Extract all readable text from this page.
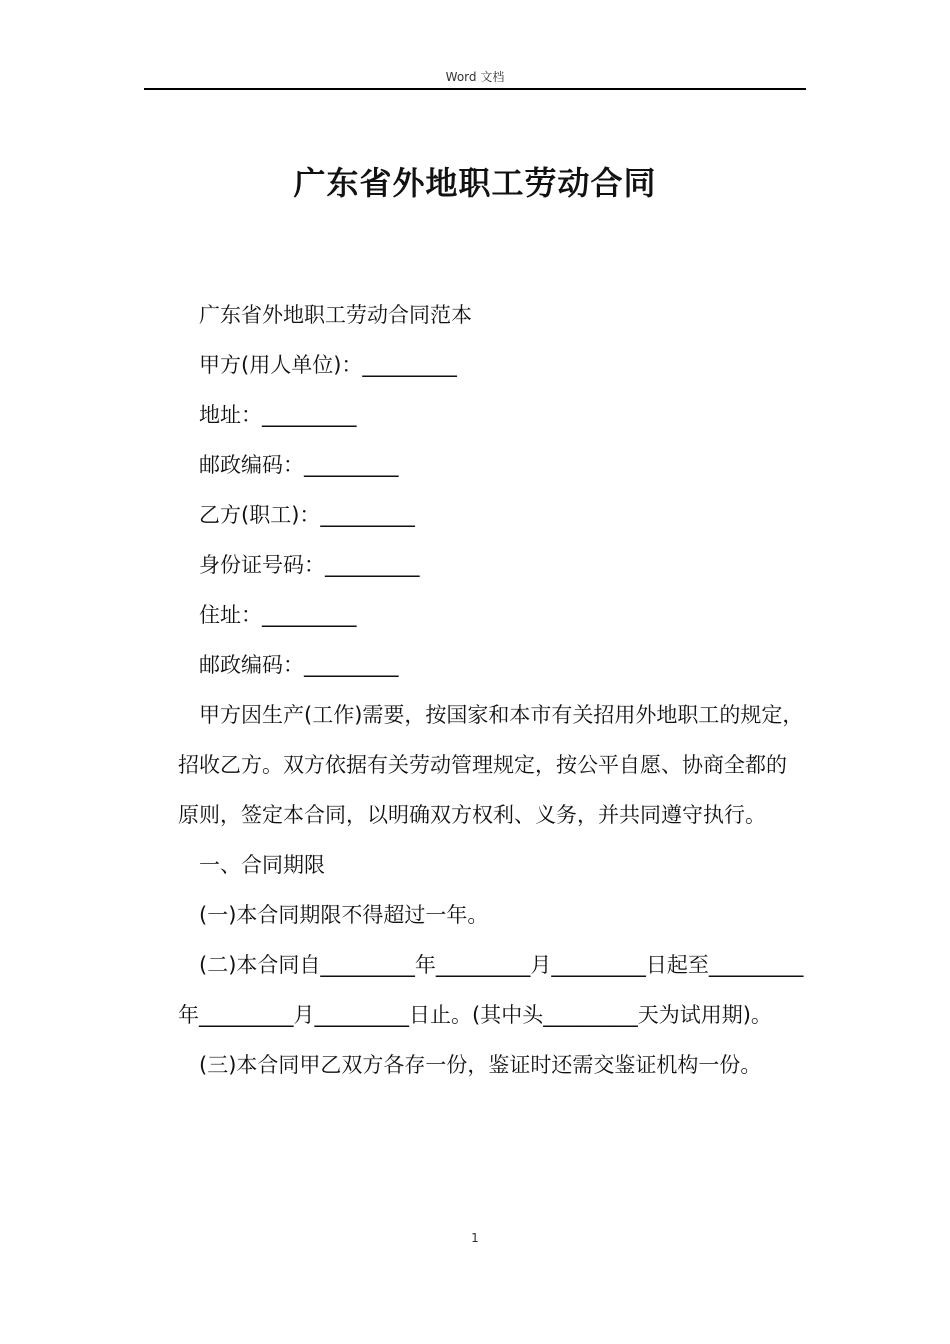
Word 文档
广东省外地职工劳动合同

广东省外地职工劳动合同范本

甲方(用人单位)：_________

地址：_________

邮政编码：_________

乙方(职工)：_________

身份证号码：_________

住址：_________

邮政编码：_________

甲方因生产(工作)需要，按国家和本市有关招用外地职工的规定，招收乙方。双方依据有关劳动管理规定，按公平自愿、协商全都的原则，签定本合同，以明确双方权利、义务，并共同遵守执行。

一、合同期限

(一)本合同期限不得超过一年。

(二)本合同自_________年_________月_________日起至_________年_________月_________日止。(其中头_________天为试用期)。

(三)本合同甲乙双方各存一份，鉴证时还需交鉴证机构一份。

1
